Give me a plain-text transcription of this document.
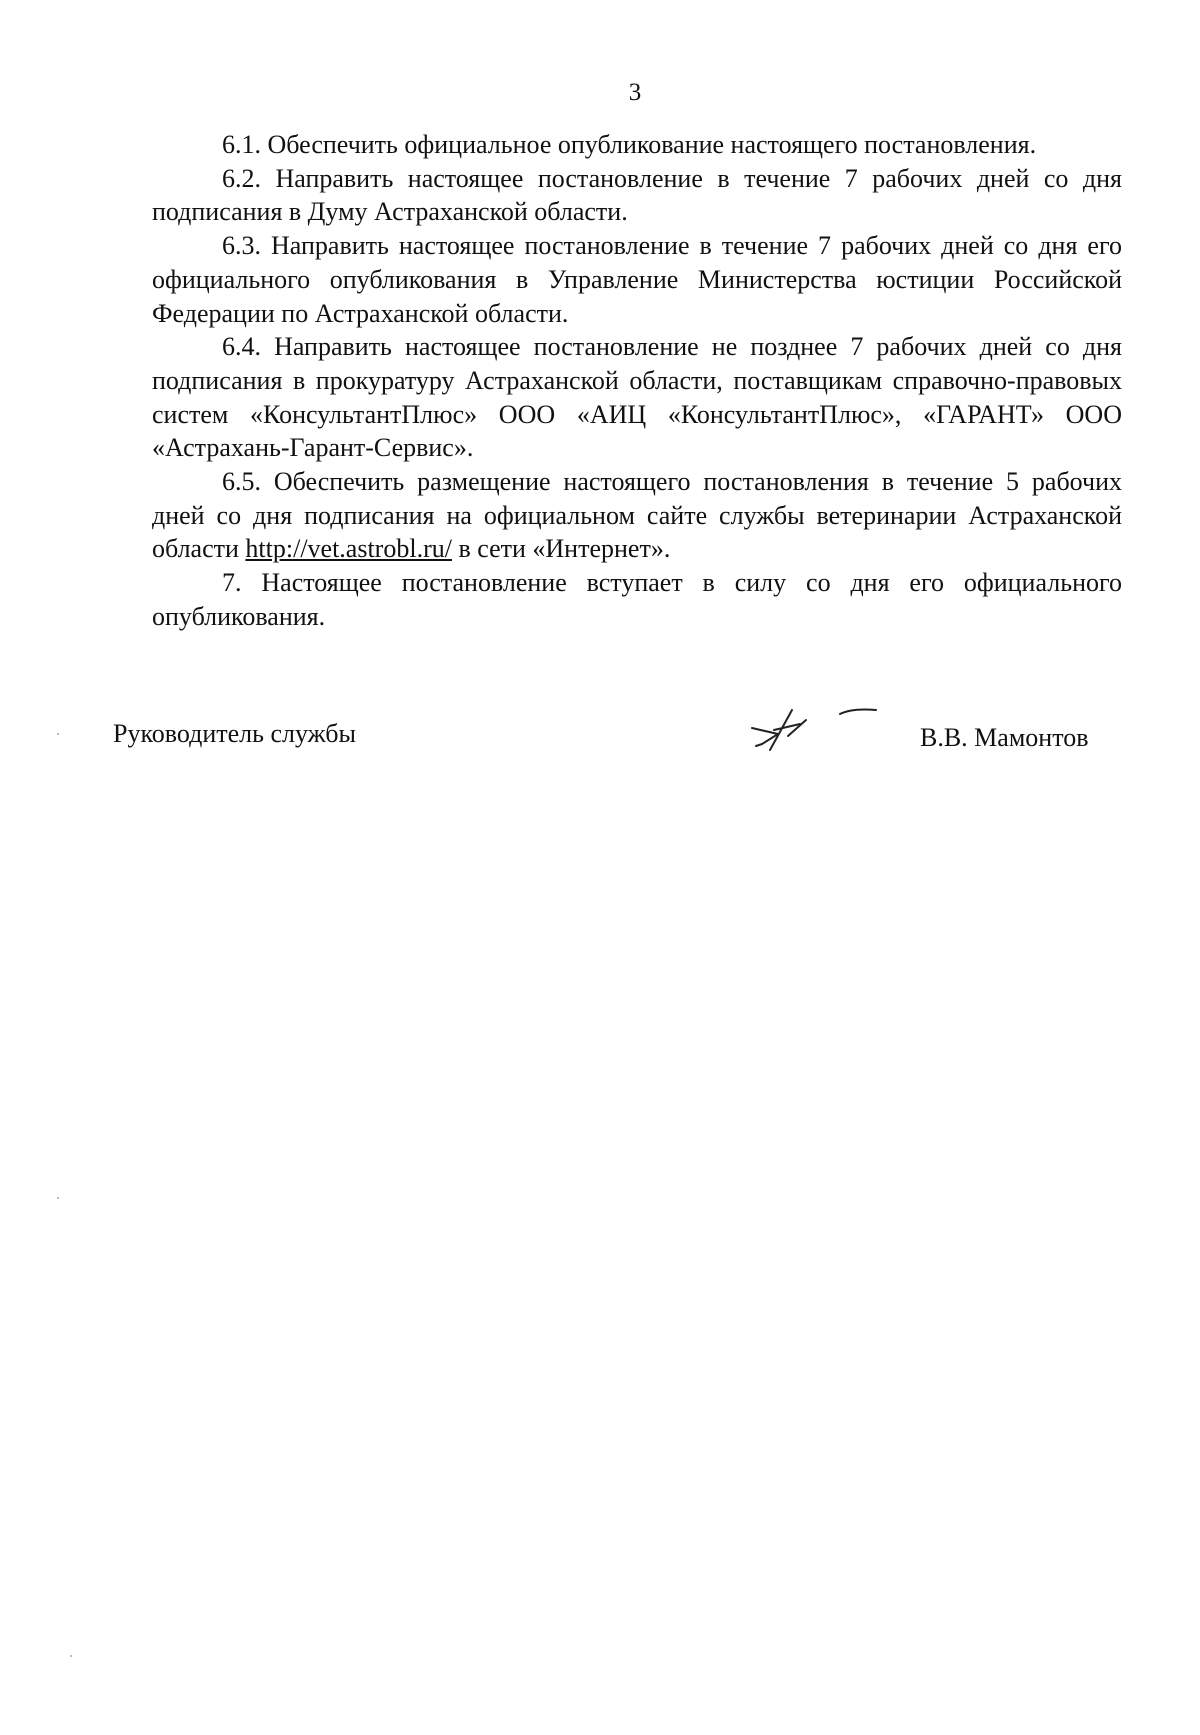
3

6.1. Обеспечить официальное опубликование настоящего постановления.

6.2. Направить настоящее постановление в течение 7 рабочих дней со дня подписания в Думу Астраханской области.

6.3. Направить настоящее постановление в течение 7 рабочих дней со дня его официального опубликования в Управление Министерства юстиции Российской Федерации по Астраханской области.

6.4. Направить настоящее постановление не позднее 7 рабочих дней со дня подписания в прокуратуру Астраханской области, поставщикам справочно-правовых систем «КонсультантПлюс» ООО «АИЦ «КонсультантПлюс», «ГАРАНТ» ООО «Астрахань-Гарант-Сервис».

6.5. Обеспечить размещение настоящего постановления в течение 5 рабочих дней со дня подписания на официальном сайте службы ветеринарии Астраханской области http://vet.astrobl.ru/ в сети «Интернет».

7. Настоящее постановление вступает в силу со дня его официального опубликования.

Руководитель службы	В.В. Мамонтов
